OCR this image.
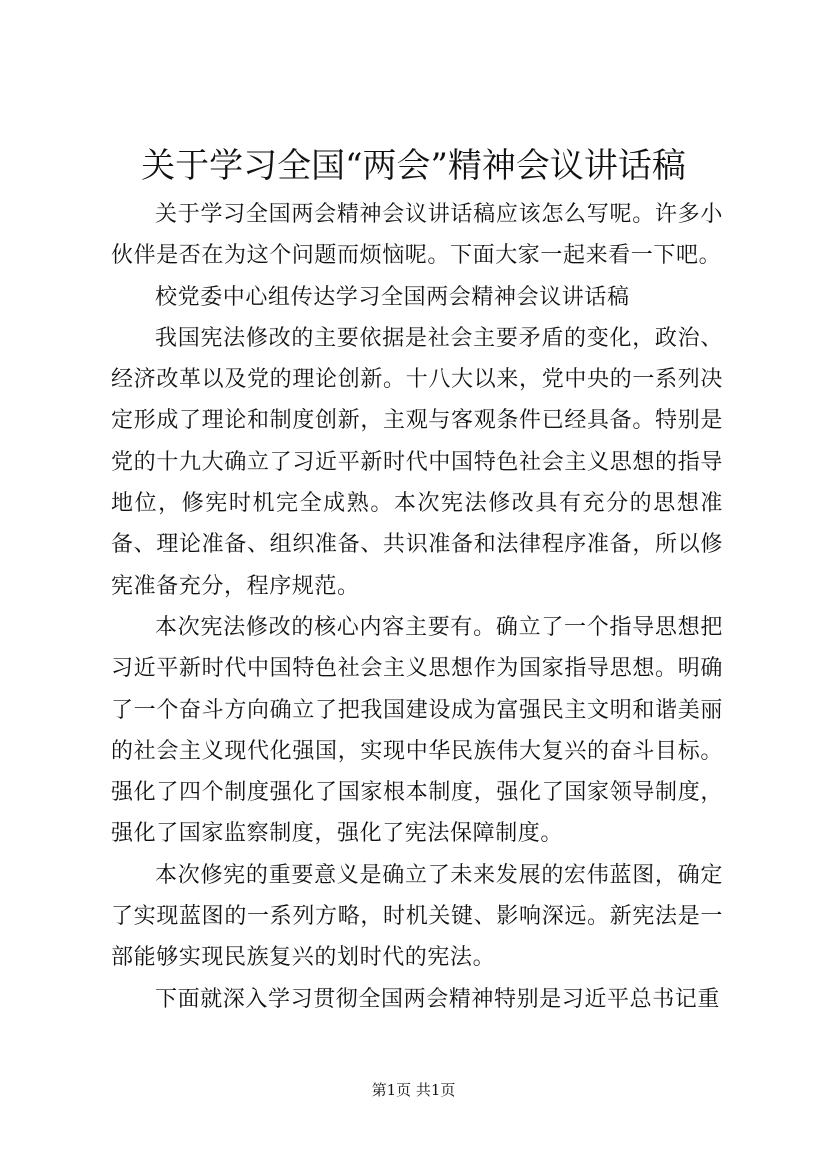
关于学习全国“两会”精神会议讲话稿

关于学习全国两会精神会议讲话稿应该怎么写呢。许多小伙伴是否在为这个问题而烦恼呢。下面大家一起来看一下吧。

校党委中心组传达学习全国两会精神会议讲话稿

我国宪法修改的主要依据是社会主要矛盾的变化，政治、经济改革以及党的理论创新。十八大以来，党中央的一系列决定形成了理论和制度创新，主观与客观条件已经具备。特别是党的十九大确立了习近平新时代中国特色社会主义思想的指导地位，修宪时机完全成熟。本次宪法修改具有充分的思想准备、理论准备、组织准备、共识准备和法律程序准备，所以修宪准备充分，程序规范。

本次宪法修改的核心内容主要有。确立了一个指导思想把习近平新时代中国特色社会主义思想作为国家指导思想。明确了一个奋斗方向确立了把我国建设成为富强民主文明和谐美丽的社会主义现代化强国，实现中华民族伟大复兴的奋斗目标。强化了四个制度强化了国家根本制度，强化了国家领导制度，强化了国家监察制度，强化了宪法保障制度。

本次修宪的重要意义是确立了未来发展的宏伟蓝图，确定了实现蓝图的一系列方略，时机关键、影响深远。新宪法是一部能够实现民族复兴的划时代的宪法。

下面就深入学习贯彻全国两会精神特别是习近平总书记重

第1页 共1页
